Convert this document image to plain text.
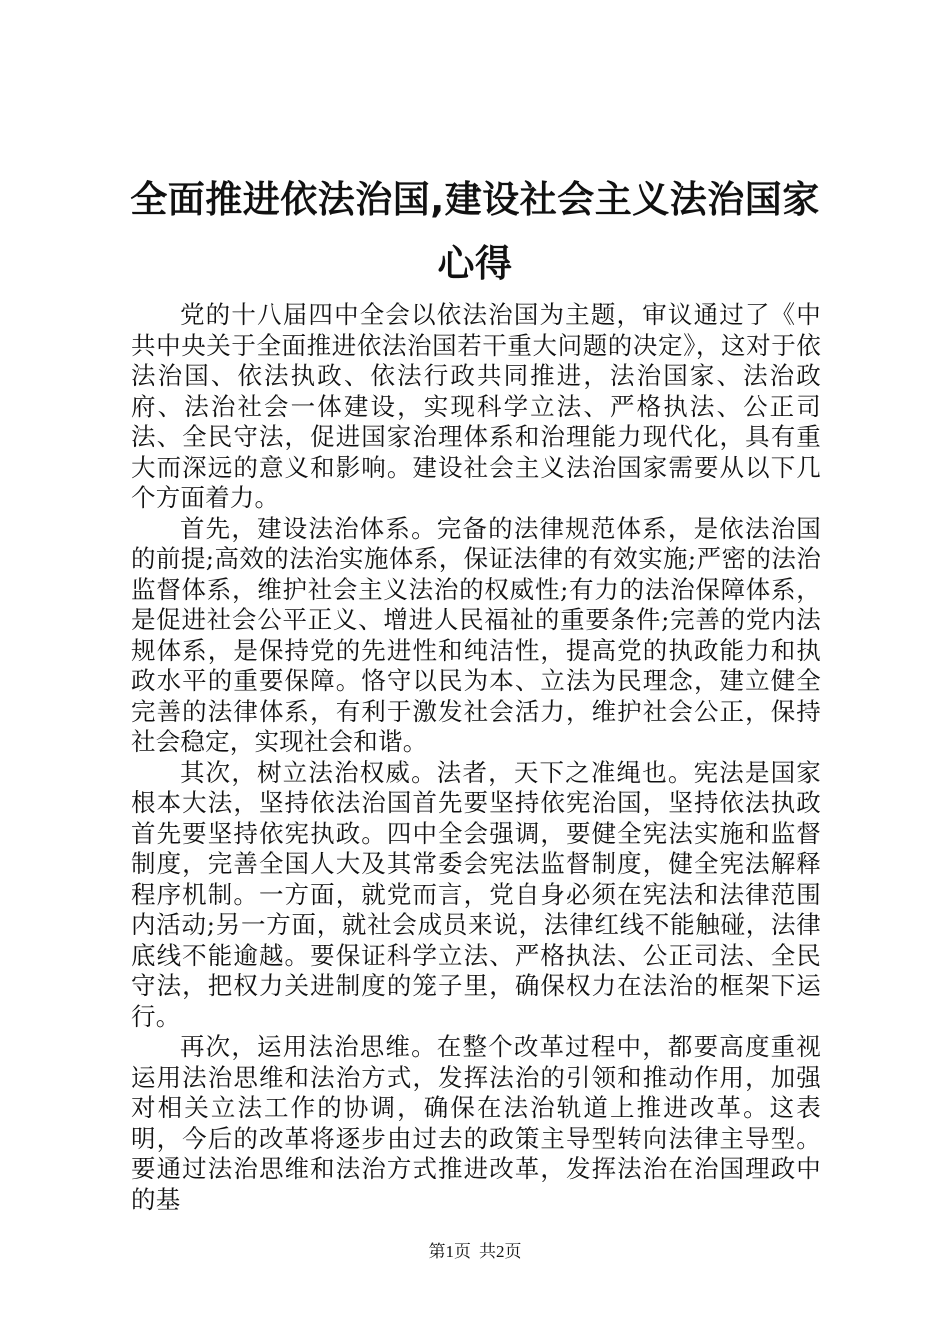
全面推进依法治国,建设社会主义法治国家心得

党的十八届四中全会以依法治国为主题，审议通过了《中共中央关于全面推进依法治国若干重大问题的决定》，这对于依法治国、依法执政、依法行政共同推进，法治国家、法治政府、法治社会一体建设，实现科学立法、严格执法、公正司法、全民守法，促进国家治理体系和治理能力现代化，具有重大而深远的意义和影响。建设社会主义法治国家需要从以下几个方面着力。

首先，建设法治体系。完备的法律规范体系，是依法治国的前提;高效的法治实施体系，保证法律的有效实施;严密的法治监督体系，维护社会主义法治的权威性;有力的法治保障体系，是促进社会公平正义、增进人民福祉的重要条件;完善的党内法规体系，是保持党的先进性和纯洁性，提高党的执政能力和执政水平的重要保障。恪守以民为本、立法为民理念，建立健全完善的法律体系，有利于激发社会活力，维护社会公正，保持社会稳定，实现社会和谐。

其次，树立法治权威。法者，天下之准绳也。宪法是国家根本大法，坚持依法治国首先要坚持依宪治国，坚持依法执政首先要坚持依宪执政。四中全会强调，要健全宪法实施和监督制度，完善全国人大及其常委会宪法监督制度，健全宪法解释程序机制。一方面，就党而言，党自身必须在宪法和法律范围内活动;另一方面，就社会成员来说，法律红线不能触碰，法律底线不能逾越。要保证科学立法、严格执法、公正司法、全民守法，把权力关进制度的笼子里，确保权力在法治的框架下运行。

再次，运用法治思维。在整个改革过程中，都要高度重视运用法治思维和法治方式，发挥法治的引领和推动作用，加强对相关立法工作的协调，确保在法治轨道上推进改革。这表明，今后的改革将逐步由过去的政策主导型转向法律主导型。要通过法治思维和法治方式推进改革，发挥法治在治国理政中的基

第1页 共2页
